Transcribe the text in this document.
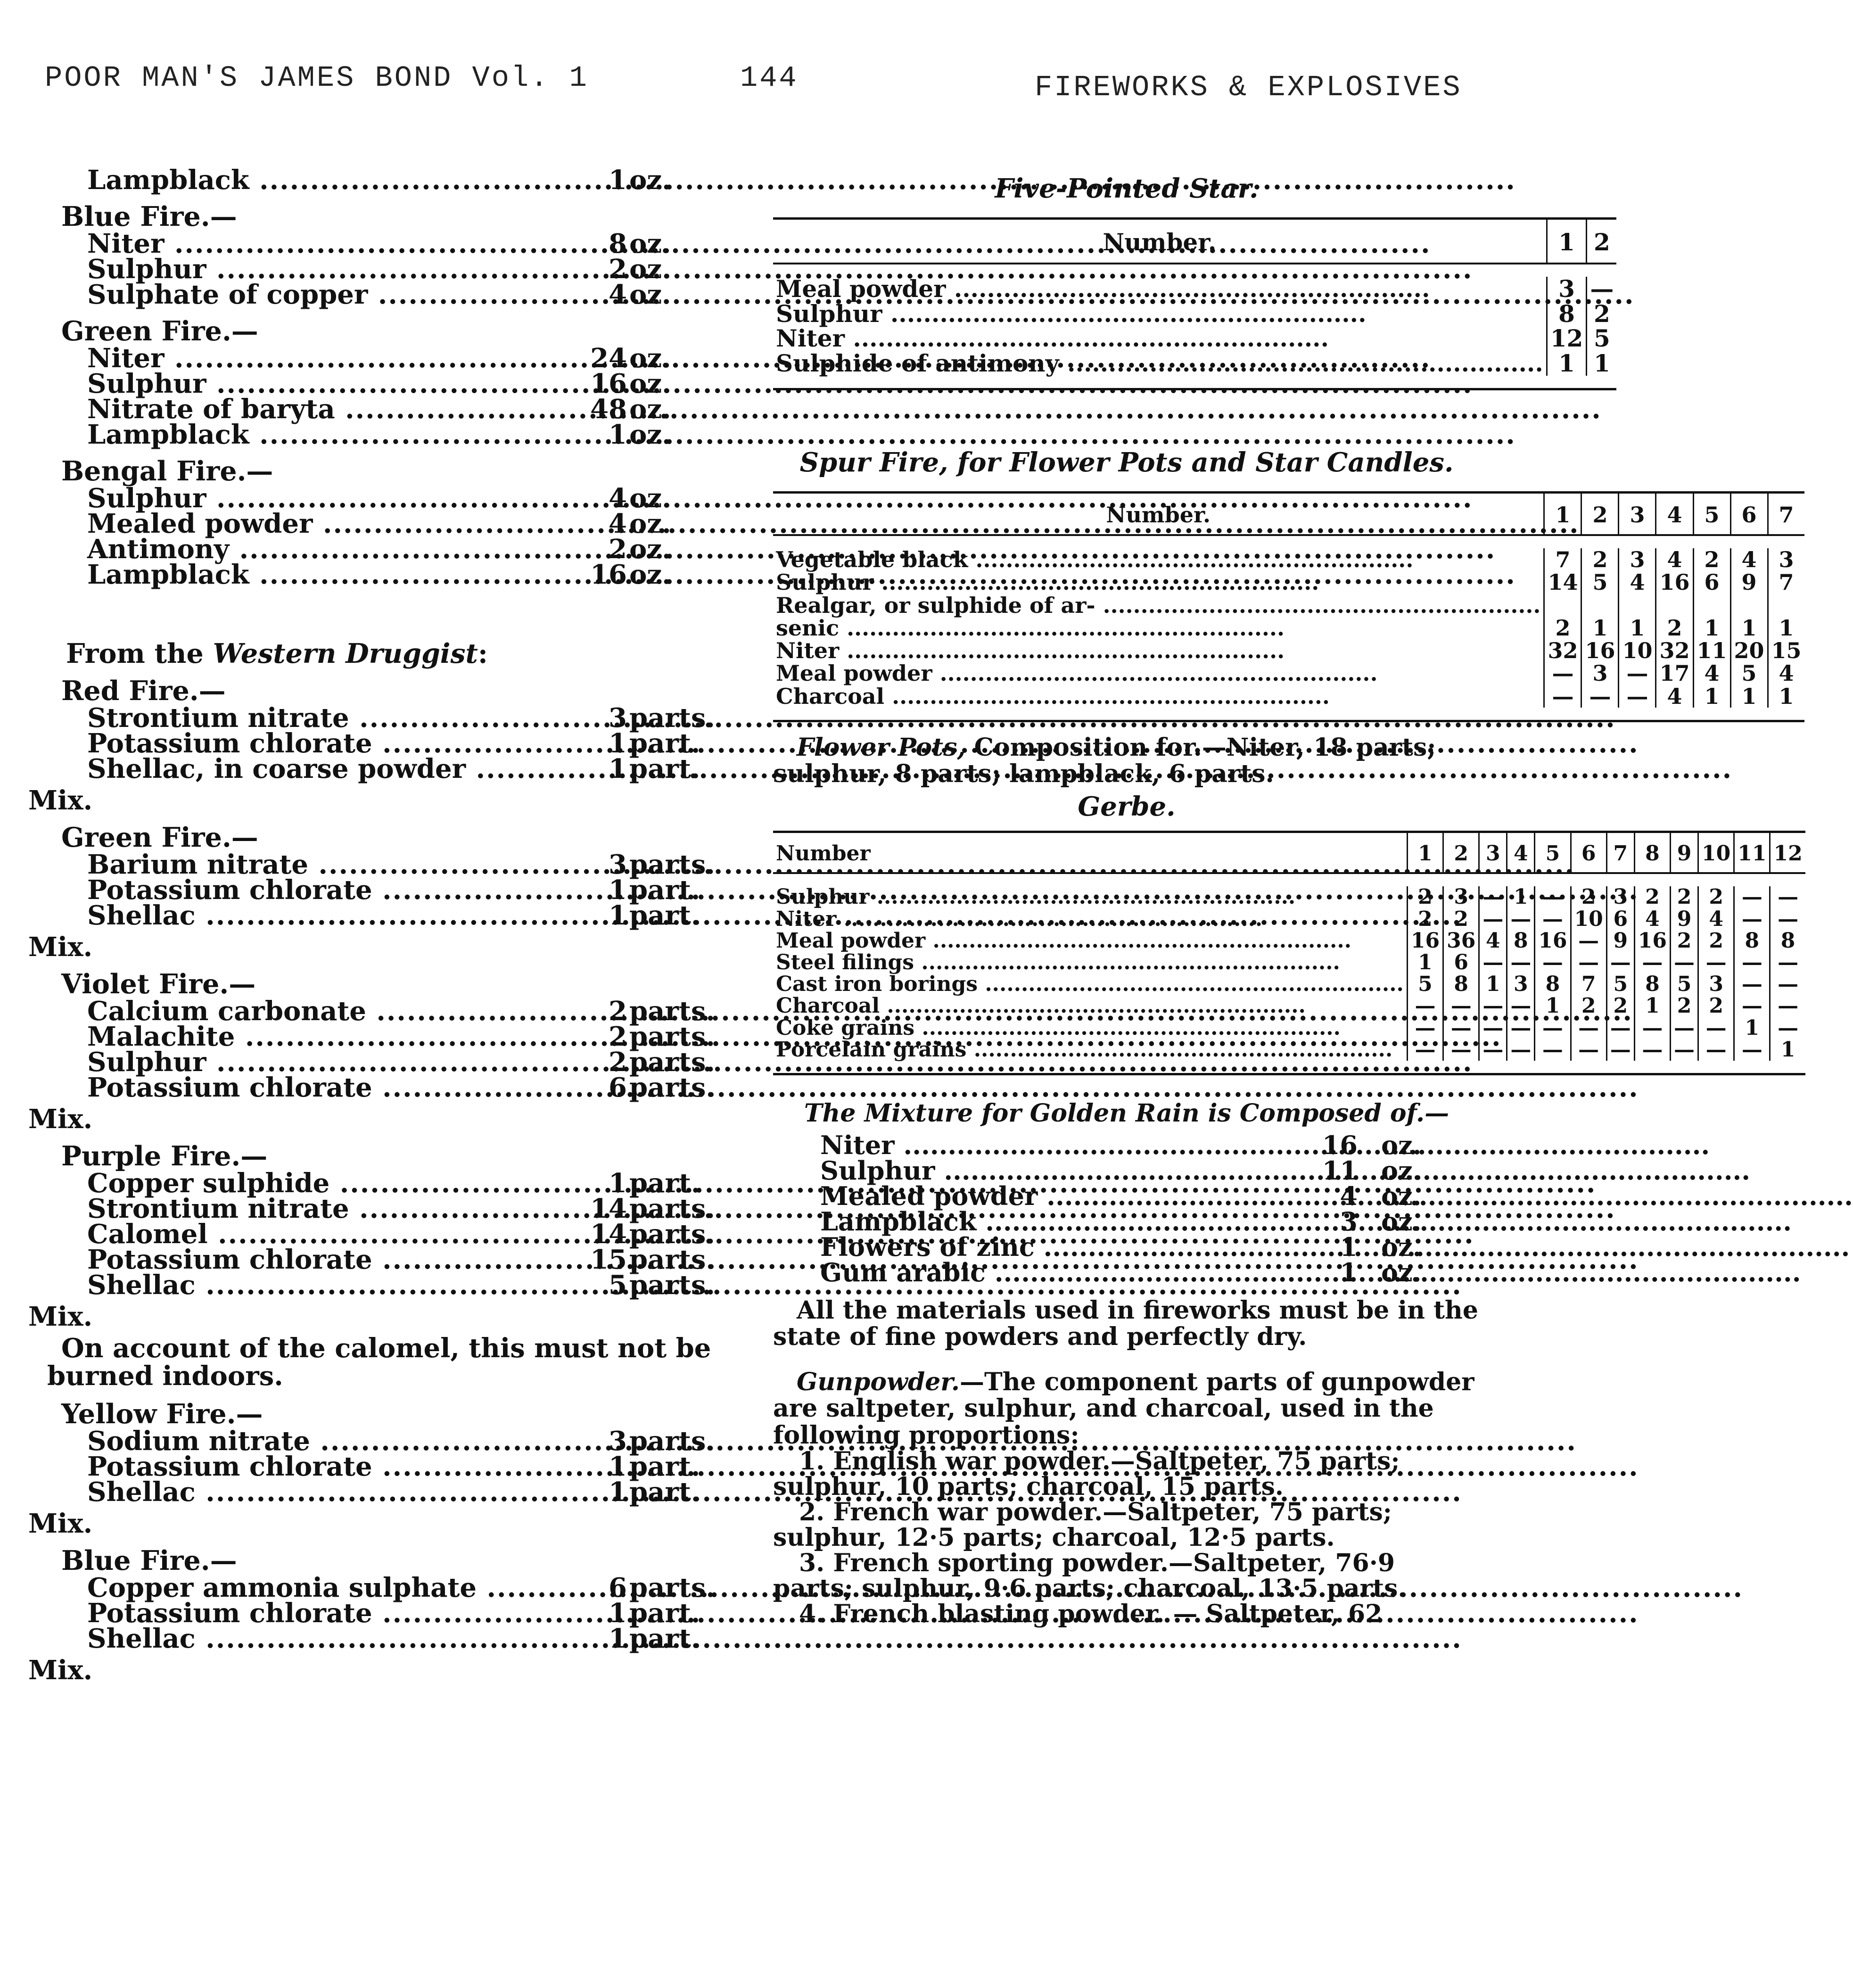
POOR MAN'S JAMES BOND Vol. 1	144	FIREWORKS & EXPLOSIVES
Lampblack .....	1 oz.
Blue Fire.—
Niter .....	8 oz.
Sulphur .....	2 oz.
Sulphate of copper .....	4 oz.
Green Fire.—
Niter .....	24 oz.
Sulphur .....	16 oz.
Nitrate of baryta .....	48 oz.
Lampblack .....	1 oz.
Bengal Fire.—
Sulphur .....	4 oz.
Mealed powder .....	4 oz.
Antimony .....	2 oz.
Lampblack .....	16 oz.
From the Western Druggist:
Red Fire.—
Strontium nitrate .....	3 parts.
Potassium chlorate .....	1 part.
Shellac, in coarse powder .....	1 part.
Mix.
Green Fire.—
Barium nitrate .....	3 parts.
Potassium chlorate .....	1 part.
Shellac .....	1 part.
Mix.
Violet Fire.—
Calcium carbonate .....	2 parts.
Malachite .....	2 parts.
Sulphur .....	2 parts.
Potassium chlorate .....	6 parts.
Mix.
Purple Fire.—
Copper sulphide .....	1 part.
Strontium nitrate .....	14 parts.
Calomel .....	14 parts.
Potassium chlorate .....	15 parts.
Shellac .....	5 parts.
Mix.
On account of the calomel, this must not be burned indoors.
Yellow Fire.—
Sodium nitrate .....	3 parts.
Potassium chlorate .....	1 part.
Shellac .....	1 part.
Mix.
Blue Fire.—
Copper ammonia sulphate .....	6 parts.
Potassium chlorate .....	1 part.
Shellac .....	1 part.
Mix.
Five-Pointed Star.
Number.	1	2

Meal powder .....	3	—
Sulphur .....	8	2
Niter .....	12	5
Sulphide of antimony .....	1	1

Spur Fire, for Flower Pots and Star Candles.
Number.	1	2	3	4	5	6	7

Vegetable black .....	7	2	3	4	2	4	3
Sulphur .....	14	5	4	16	6	9	7
Realgar, or sulphide of ar- .....							
senic .....	2	1	1	2	1	1	1
Niter .....	32	16	10	32	11	20	15
Meal powder .....	—	3	—	17	4	5	4
Charcoal .....	—	—	—	4	1	1	1

Flower Pots, Composition for.—Niter, 18 parts; sulphur, 8 parts; lampblack, 6 parts.
Gerbe.
Number	1	2	3	4	5	6	7	8	9	10	11	12

Sulphur .....	2	3	—	1	—	2	3	2	2	2	—	—
Niter .....	2	2	—	—	—	10	6	4	9	4	—	—
Meal powder .....	16	36	4	8	16	—	9	16	2	2	8	8
Steel filings .....	1	6	—	—	—	—	—	—	—	—	—	—
Cast iron borings .....	5	8	1	3	8	7	5	8	5	3	—	—
Charcoal .....	—	—	—	—	1	2	2	1	2	2	—	—
Coke grains .....	—	—	—	—	—	—	—	—	—	—	1	—
Porcelain grains .....	—	—	—	—	—	—	—	—	—	—	—	1

The Mixture for Golden Rain is Composed of.—
Niter .....	16 oz.
Sulphur .....	11 oz.
Mealed powder .....	4 oz.
Lampblack .....	3 oz.
Flowers of zinc .....	1 oz.
Gum arabic .....	1 oz.
All the materials used in fireworks must be in the state of fine powders and perfectly dry.
Gunpowder.—The component parts of gunpowder are saltpeter, sulphur, and charcoal, used in the following proportions:

1. English war powder.—Saltpeter, 75 parts; sulphur, 10 parts; charcoal, 15 parts.

2. French war powder.—Saltpeter, 75 parts; sulphur, 12·5 parts; charcoal, 12·5 parts.

3. French sporting powder.—Saltpeter, 76·9 parts; sulphur, 9·6 parts; charcoal, 13·5 parts.

4. French blasting powder. — Saltpeter, 62
